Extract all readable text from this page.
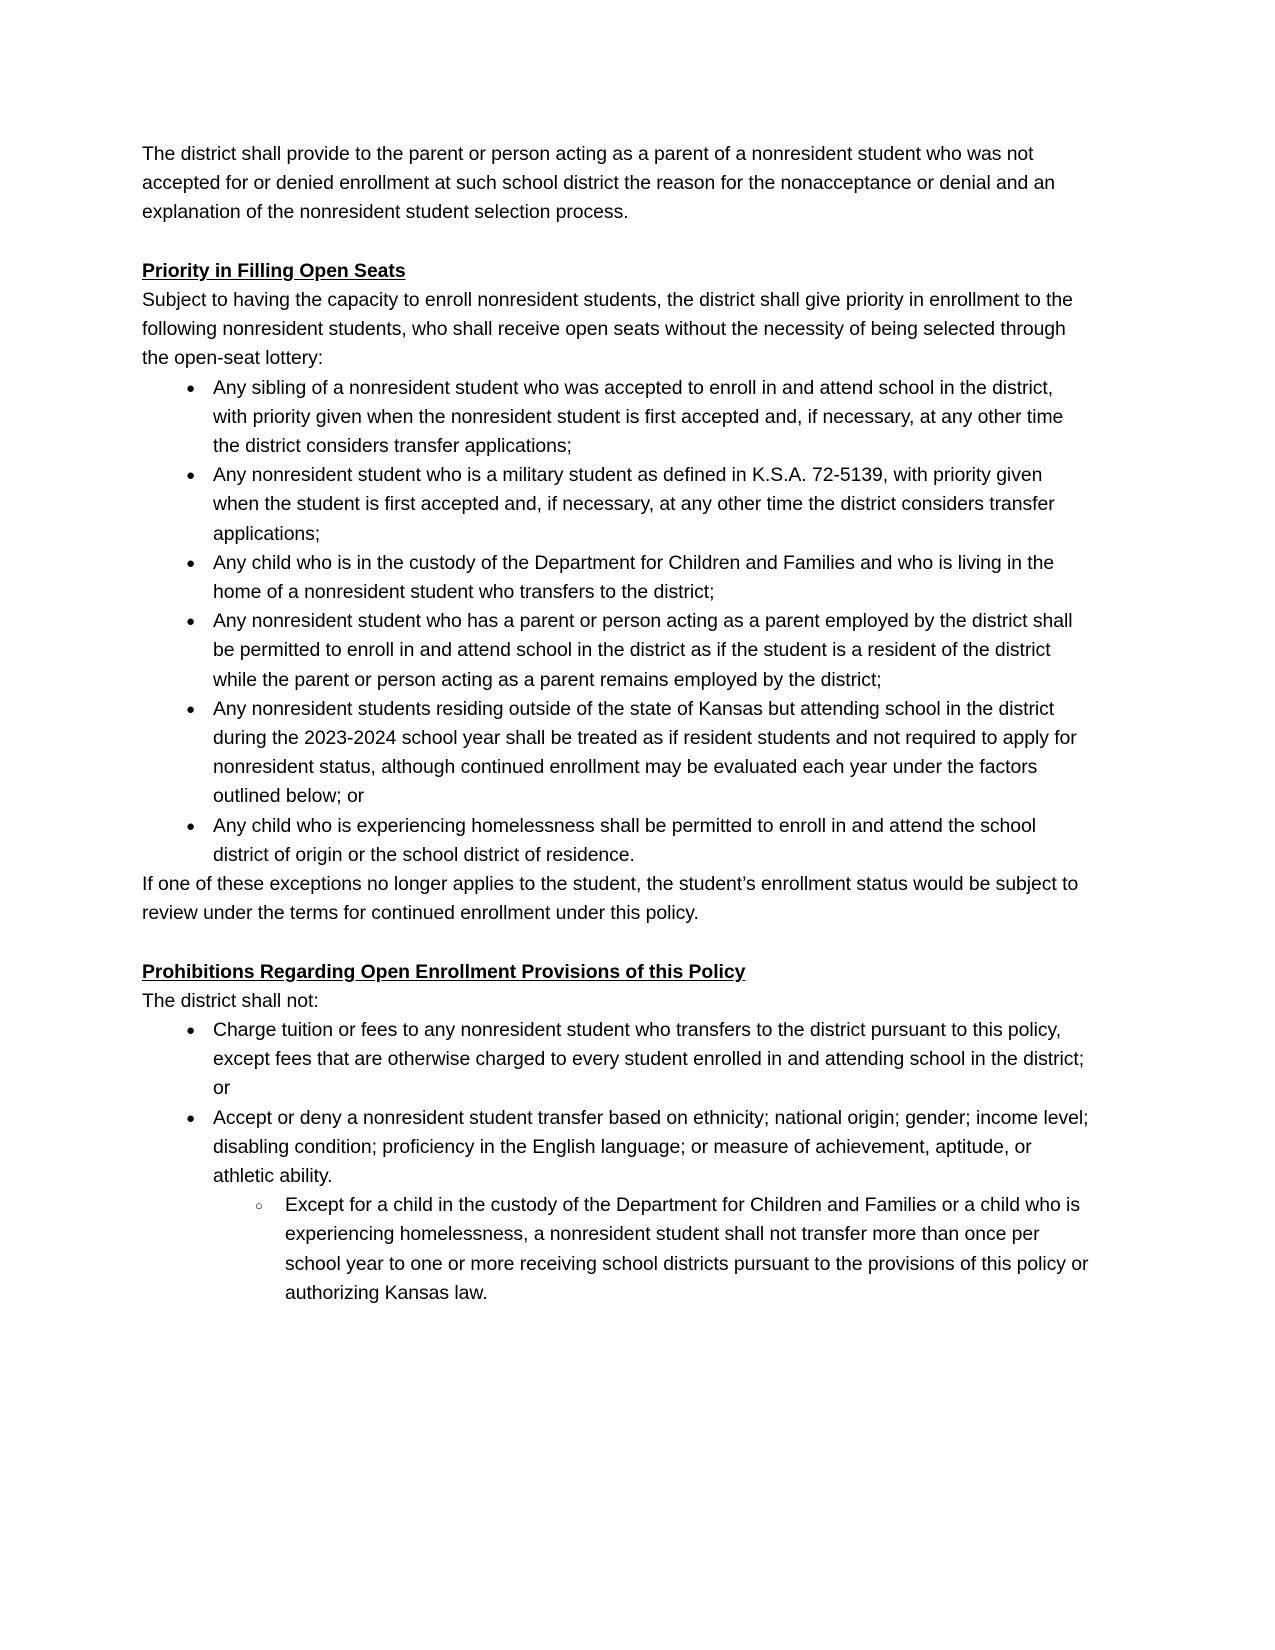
The district shall provide to the parent or person acting as a parent of a nonresident student who was not accepted for or denied enrollment at such school district the reason for the nonacceptance or denial and an explanation of the nonresident student selection process.

Priority in Filling Open Seats

Subject to having the capacity to enroll nonresident students, the district shall give priority in enrollment to the following nonresident students, who shall receive open seats without the necessity of being selected through the open-seat lottery:

● Any sibling of a nonresident student who was accepted to enroll in and attend school in the district, with priority given when the nonresident student is first accepted and, if necessary, at any other time the district considers transfer applications;
● Any nonresident student who is a military student as defined in K.S.A. 72-5139, with priority given when the student is first accepted and, if necessary, at any other time the district considers transfer applications;
● Any child who is in the custody of the Department for Children and Families and who is living in the home of a nonresident student who transfers to the district;
● Any nonresident student who has a parent or person acting as a parent employed by the district shall be permitted to enroll in and attend school in the district as if the student is a resident of the district while the parent or person acting as a parent remains employed by the district;
● Any nonresident students residing outside of the state of Kansas but attending school in the district during the 2023-2024 school year shall be treated as if resident students and not required to apply for nonresident status, although continued enrollment may be evaluated each year under the factors outlined below; or
● Any child who is experiencing homelessness shall be permitted to enroll in and attend the school district of origin or the school district of residence.

If one of these exceptions no longer applies to the student, the student’s enrollment status would be subject to review under the terms for continued enrollment under this policy.

Prohibitions Regarding Open Enrollment Provisions of this Policy

The district shall not:

● Charge tuition or fees to any nonresident student who transfers to the district pursuant to this policy, except fees that are otherwise charged to every student enrolled in and attending school in the district; or
● Accept or deny a nonresident student transfer based on ethnicity; national origin; gender; income level; disabling condition; proficiency in the English language; or measure of achievement, aptitude, or athletic ability.
○	Except for a child in the custody of the Department for Children and Families or a child who is experiencing homelessness, a nonresident student shall not transfer more than once per school year to one or more receiving school districts pursuant to the provisions of this policy or authorizing Kansas law.
